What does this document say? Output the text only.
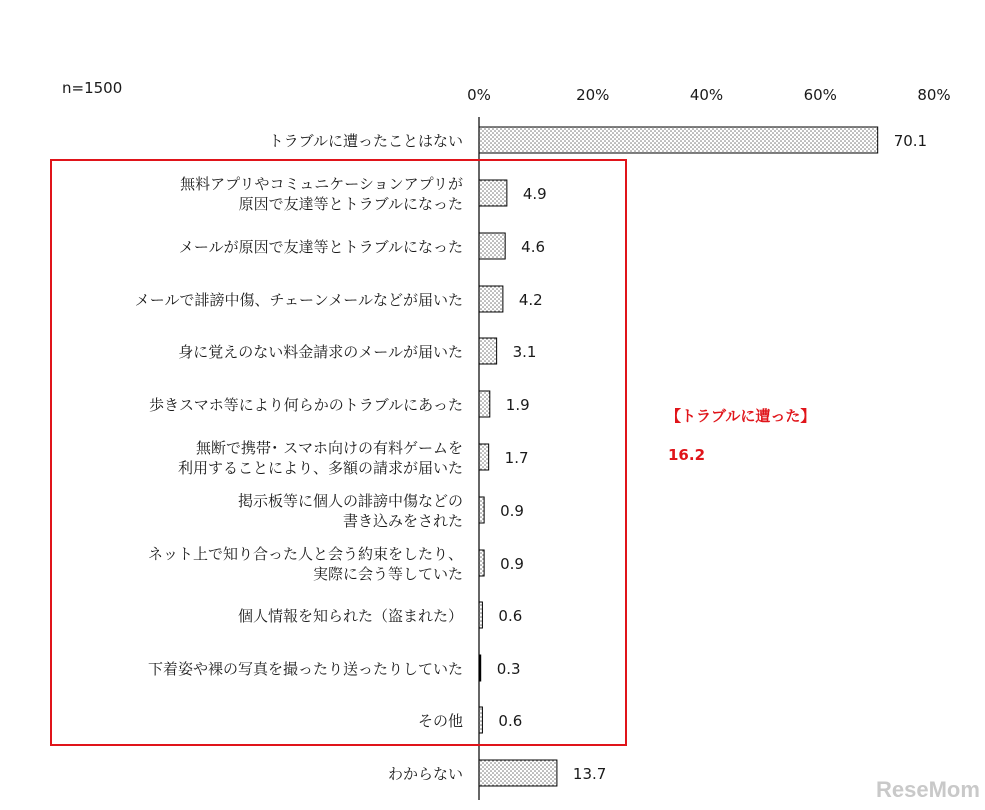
n=1500	0%	20%	40%	60%	80%
トラブルに遭ったことはない
無料アプリやコミュニケーションアプリが
原因で友達等とトラブルになった
メールが原因で友達等とトラブルになった
メールで誹謗中傷、チェーンメールなどが届いた
身に覚えのない料金請求のメールが届いた
歩きスマホ等により何らかのトラブルにあった
無断で携帯･ スマホ向けの有料ゲームを
利用することにより、多額の請求が届いた
掲示板等に個人の誹謗中傷などの
書き込みをされた
ネット上で知り合った人と会う約束をしたり、
実際に会う等していた
個人情報を知られた（盗まれた）
下着姿や裸の写真を撮ったり送ったりしていた
その他
わからない
70.1
4.9
4.6
4.2
3.1
1.9
1.7
0.9
0.9
0.6
0.3
0.6
13.7
【トラブルに遭った】
16.2
ReseMom
